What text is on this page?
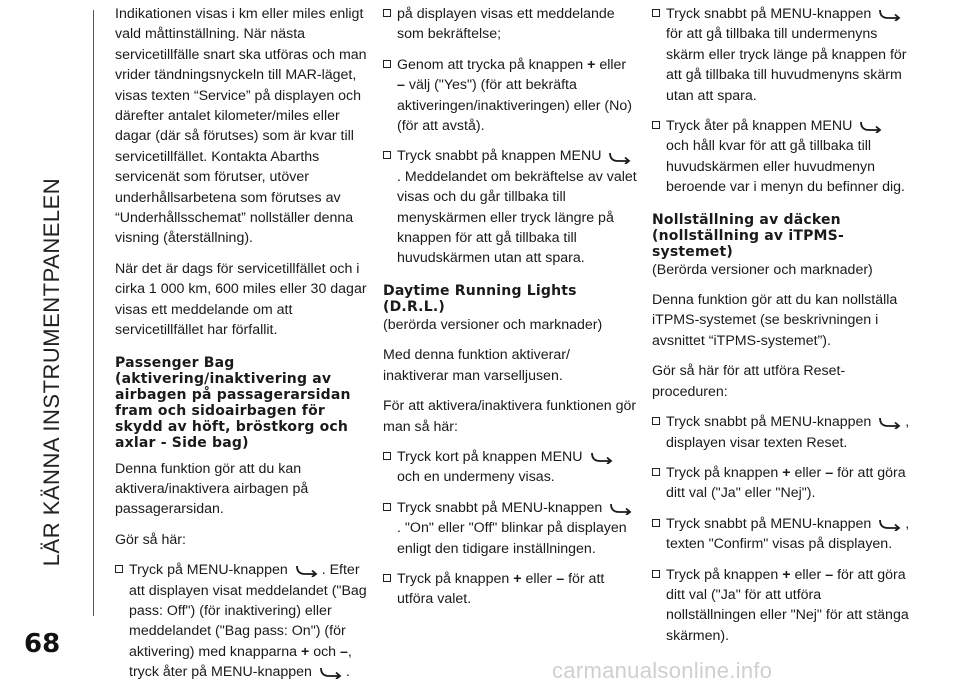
LÄR KÄNNA INSTRUMENTPANELEN
68
carmanualsonline.info

Indikationen visas i km eller miles enligt vald måttinställning. När nästa servicetillfälle snart ska utföras och man vrider tändningsnyckeln till MAR-läget, visas texten “Service” på displayen och därefter antalet kilometer/miles eller dagar (där så förutses) som är kvar till servicetillfället. Kontakta Abarths servicenät som förutser, utöver underhållsarbetena som förutses av “Underhållsschemat” nollställer denna visning (återställning).

När det är dags för servicetillfället och i cirka 1 000 km, 600 miles eller 30 dagar visas ett meddelande om att servicetillfället har förfallit.

Passenger Bag (aktivering/inaktivering av airbagen på passagerarsidan fram och sidoairbagen för skydd av höft, bröstkorg och axlar - Side bag)

Denna funktion gör att du kan aktivera/inaktivera airbagen på passagerarsidan.

Gör så här:

Tryck på MENU-knappen . Efter att displayen visat meddelandet ("Bag pass: Off") (för inaktivering) eller meddelandet ("Bag pass: On") (för aktivering) med knapparna + och –, tryck åter på MENU-knappen .
på displayen visas ett meddelande som bekräftelse;
Genom att trycka på knappen + eller – välj ("Yes") (för att bekräfta aktiveringen/inaktiveringen) eller (No) (för att avstå).
Tryck snabbt på knappen MENU
. Meddelandet om bekräftelse av valet visas och du går tillbaka till menyskärmen eller tryck längre på knappen för att gå tillbaka till huvudskärmen utan att spara.
Daytime Running Lights (D.R.L.)

(berörda versioner och marknader)

Med denna funktion aktiverar/ inaktiverar man varselljusen.

För att aktivera/inaktivera funktionen gör man så här:

Tryck kort på knappen MENU
och en undermeny visas.
Tryck snabbt på MENU-knappen
. "On" eller "Off" blinkar på displayen enligt den tidigare inställningen.
Tryck på knappen + eller – för att utföra valet.
Tryck snabbt på MENU-knappen
för att gå tillbaka till undermenyns skärm eller tryck länge på knappen för att gå tillbaka till huvudmenyns skärm utan att spara.
Tryck åter på knappen MENU
och håll kvar för att gå tillbaka till huvudskärmen eller huvudmenyn beroende var i menyn du befinner dig.
Nollställning av däcken (nollställning av iTPMS-systemet)

(Berörda versioner och marknader)

Denna funktion gör att du kan nollställa iTPMS-systemet (se beskrivningen i avsnittet “iTPMS-systemet”).

Gör så här för att utföra Reset-proceduren:

Tryck snabbt på MENU-knappen , displayen visar texten Reset.
Tryck på knappen + eller – för att göra ditt val ("Ja" eller "Nej").
Tryck snabbt på MENU-knappen , texten "Confirm" visas på displayen.
Tryck på knappen + eller – för att göra ditt val ("Ja" för att utföra nollställningen eller "Nej" för att stänga skärmen).
